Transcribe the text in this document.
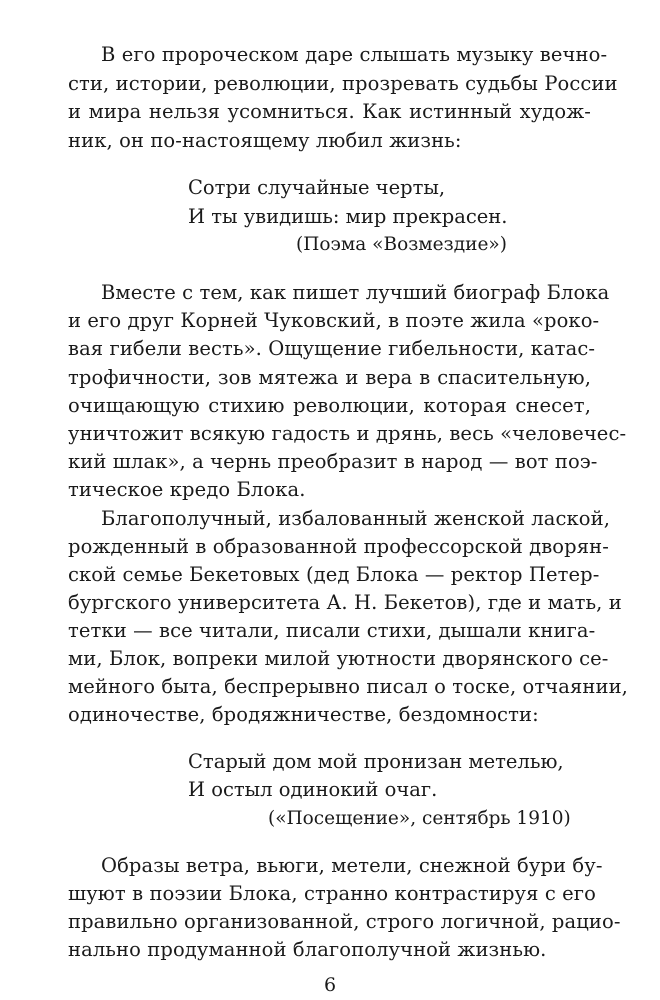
В его пророческом даре слышать музыку вечно-
сти, истории, революции, прозревать судьбы России
и мира нельзя усомниться. Как истинный худож-
ник, он по-настоящему любил жизнь:
Сотри случайные черты,
И ты увидишь: мир прекрасен.
(Поэма «Возмездие»)
Вместе с тем, как пишет лучший биограф Блока
и его друг Корней Чуковский, в поэте жила «роко-
вая гибели весть». Ощущение гибельности, катас-
трофичности, зов мятежа и вера в спасительную,
очищающую стихию революции, которая снесет,
уничтожит всякую гадость и дрянь, весь «человечес-
кий шлак», а чернь преобразит в народ — вот поэ-
тическое кредо Блока.
Благополучный, избалованный женской лаской,
рожденный в образованной профессорской дворян-
ской семье Бекетовых (дед Блока — ректор Петер-
бургского университета А. Н. Бекетов), где и мать, и
тетки — все читали, писали стихи, дышали книга-
ми, Блок, вопреки милой уютности дворянского се-
мейного быта, беспрерывно писал о тоске, отчаянии,
одиночестве, бродяжничестве, бездомности:
Старый дом мой пронизан метелью,
И остыл одинокий очаг.
(«Посещение», сентябрь 1910)
Образы ветра, вьюги, метели, снежной бури бу-
шуют в поэзии Блока, странно контрастируя с его
правильно организованной, строго логичной, рацио-
нально продуманной благополучной жизнью.
6
